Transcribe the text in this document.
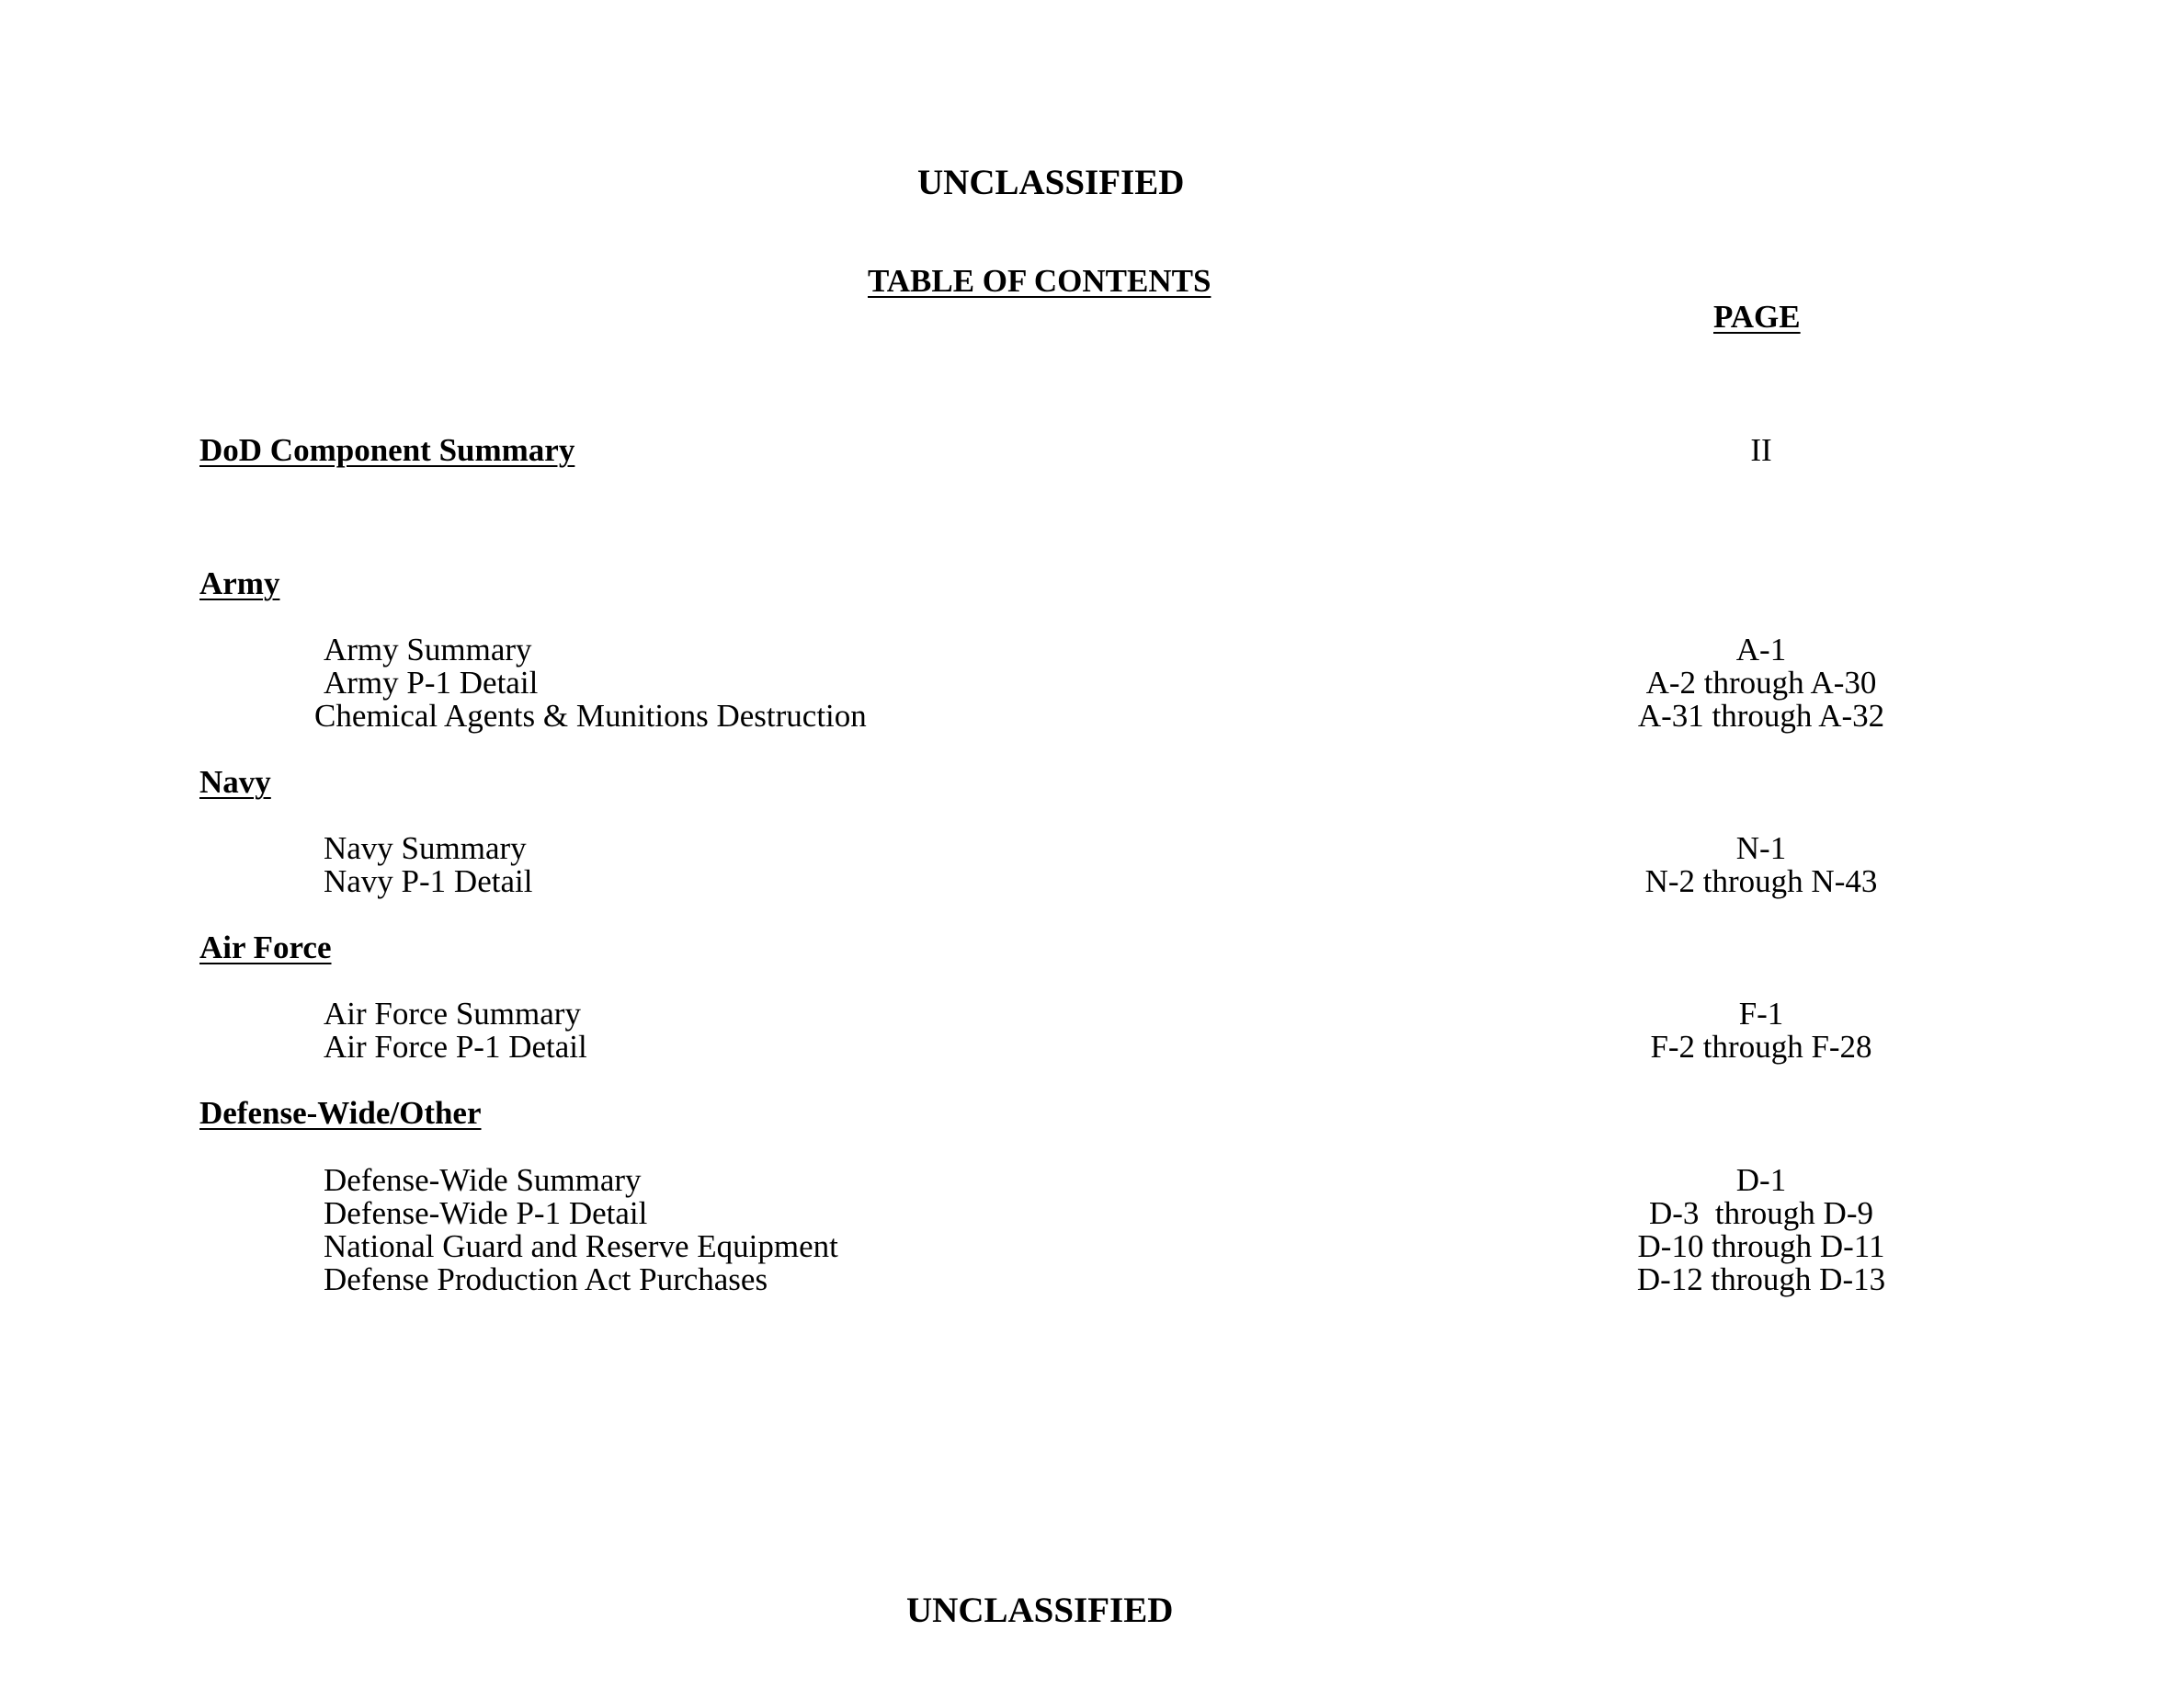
UNCLASSIFIED

TABLE OF CONTENTS

PAGE
DoD Component Summary	II
Army
Army Summary	A-1
Army P-1 Detail	A-2 through A-30
Chemical Agents & Munitions Destruction	A-31 through A-32
Navy
Navy Summary	N-1
Navy P-1 Detail	N-2 through N-43
Air Force
Air Force Summary	F-1
Air Force P-1 Detail	F-2 through F-28
Defense-Wide/Other
Defense-Wide Summary	D-1
Defense-Wide P-1 Detail	D-3  through D-9
National Guard and Reserve Equipment	D-10 through D-11
Defense Production Act Purchases	D-12 through D-13

UNCLASSIFIED
